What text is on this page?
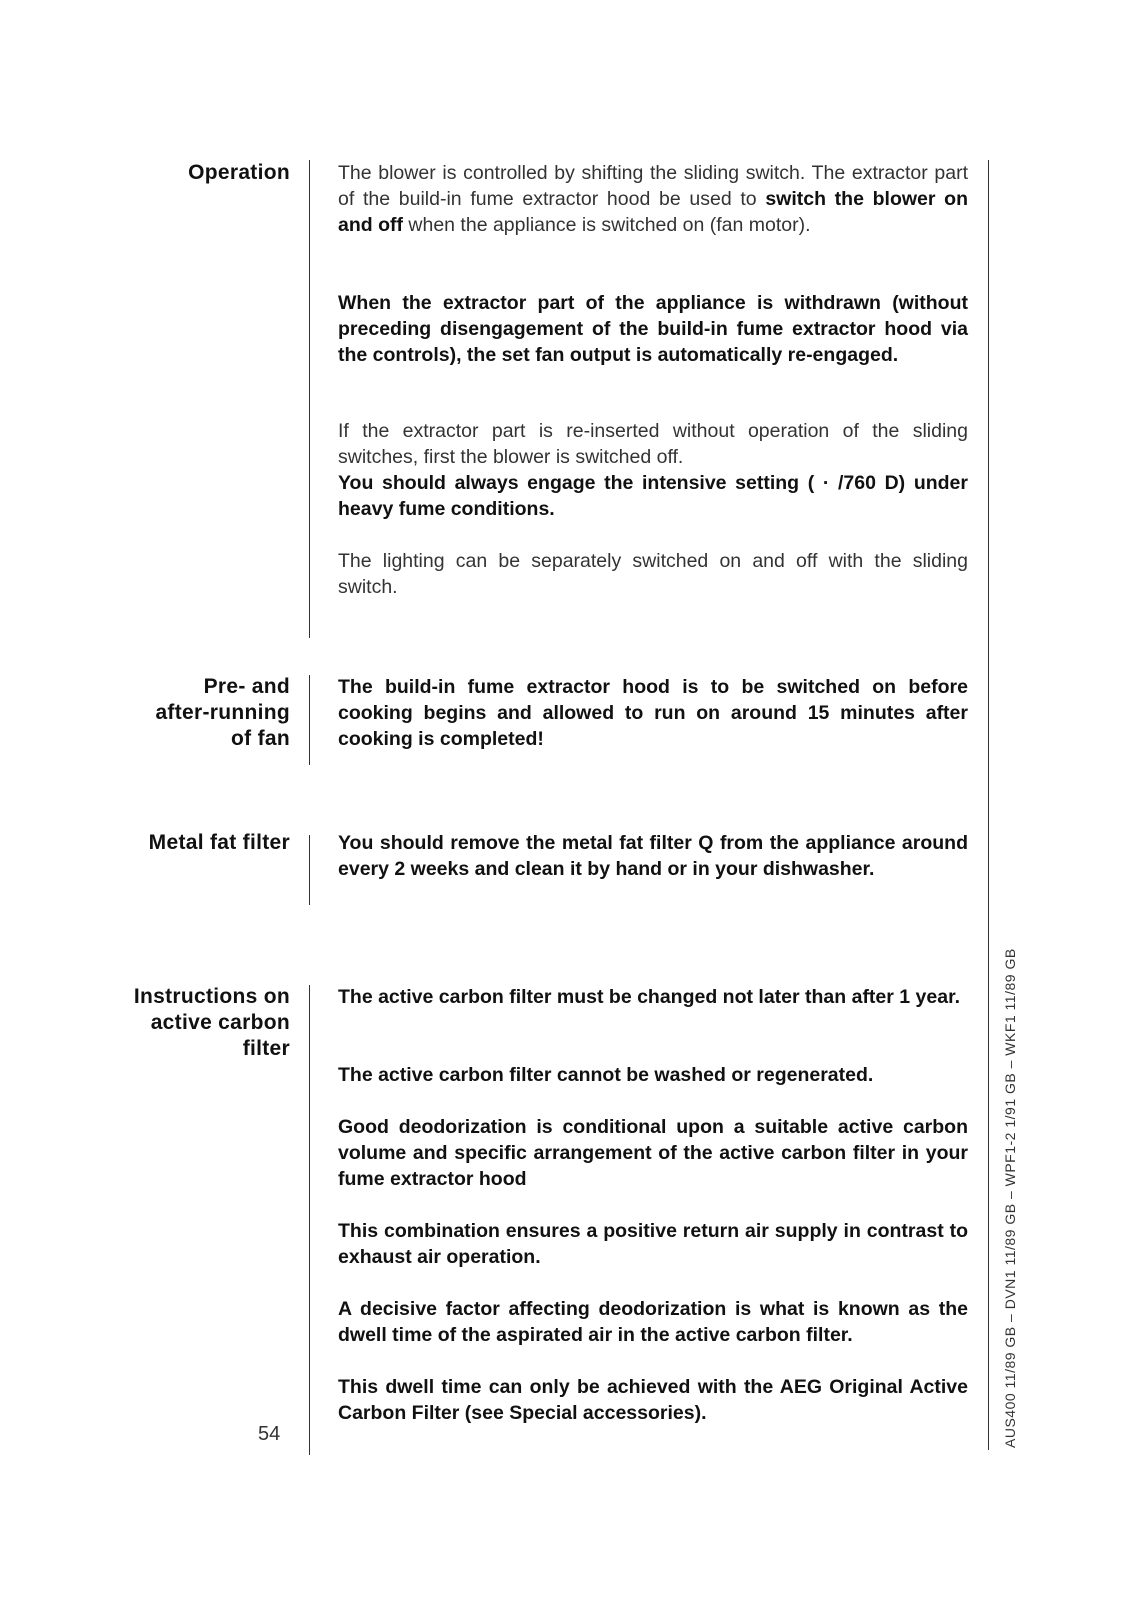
Operation The blower is controlled by shifting the sliding switch. The extractor part of the build-in fume extractor hood be used to switch the blower on and off when the appliance is switched on (fan motor).
When the extractor part of the appliance is withdrawn (without preceding disengagement of the build-in fume extractor hood via the controls), the set fan output is automatically re-engaged.
If the extractor part is re-inserted without operation of the sliding switches, first the blower is switched off.
You should always engage the intensive setting ( · /760 D) under heavy fume conditions.
The lighting can be separately switched on and off with the sliding switch.
Pre- and
after-running
of fan
The build-in fume extractor hood is to be switched on before cooking begins and allowed to run on around 15 minutes after cooking is completed!
Metal fat filter You should remove the metal fat filter Q from the appliance around every 2 weeks and clean it by hand or in your dishwasher.
Instructions on
active carbon
filter
The active carbon filter must be changed not later than after 1 year.
The active carbon filter cannot be washed or regenerated.
Good deodorization is conditional upon a suitable active carbon volume and specific arrangement of the active carbon filter in your fume extractor hood
This combination ensures a positive return air supply in contrast to exhaust air operation.
A decisive factor affecting deodorization is what is known as the dwell time of the aspirated air in the active carbon filter.
This dwell time can only be achieved with the AEG Original Active Carbon Filter (see Special accessories).
54	AUS400 11/89 GB – DVN1 11/89 GB – WPF1-2 1/91 GB – WKF1 11/89 GB
